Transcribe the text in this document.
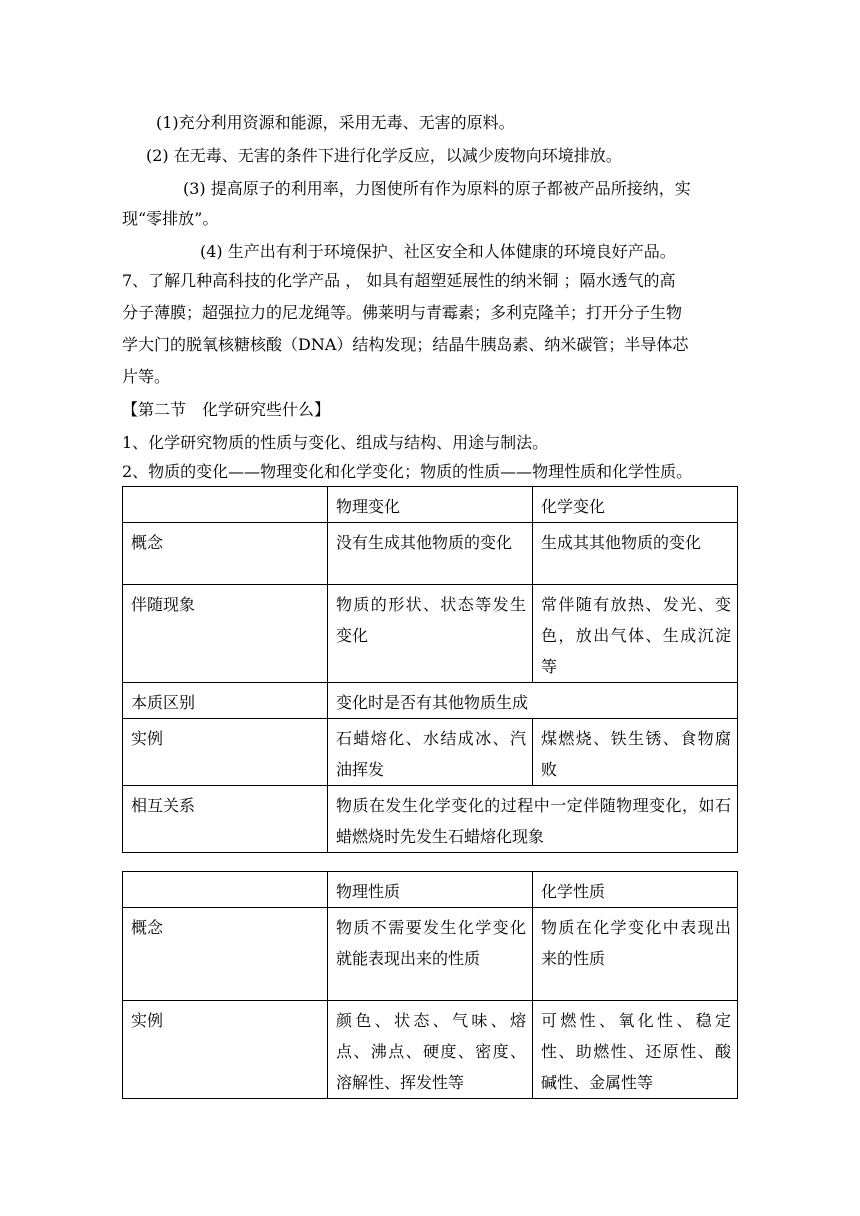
(1)充分利用资源和能源，采用无毒、无害的原料。
(2) 在无毒、无害的条件下进行化学反应，以减少废物向环境排放。
(3) 提高原子的利用率，力图使所有作为原料的原子都被产品所接纳，实
现“零排放”。
(4) 生产出有利于环境保护、社区安全和人体健康的环境良好产品。
7、了解几种高科技的化学产品 ， 如具有超塑延展性的纳米铜 ；隔水透气的高
分子薄膜；超强拉力的尼龙绳等。佛莱明与青霉素；多利克隆羊；打开分子生物
学大门的脱氧核糖核酸（DNA）结构发现；结晶牛胰岛素、纳米碳管；半导体芯
片等。
【第二节　化学研究些什么】
1、化学研究物质的性质与变化、组成与结构、用途与制法。
2、物质的变化——物理变化和化学变化；物质的性质——物理性质和化学性质。
	物理变化	化学变化
概念	没有生成其他物质的变化	生成其其他物质的变化
伴随现象	物质的形状、状态等发生变化	常伴随有放热、发光、变色，放出气体、生成沉淀等
本质区别	变化时是否有其他物质生成	
实例	石蜡熔化、水结成冰、汽油挥发	煤燃烧、铁生锈、食物腐败
相互关系	物质在发生化学变化的过程中一定伴随物理变化，如石蜡燃烧时先发生石蜡熔化现象	
	物理性质	化学性质
概念	物质不需要发生化学变化就能表现出来的性质	物质在化学变化中表现出来的性质
实例	颜色、状态、气味、熔点、沸点、硬度、密度、溶解性、挥发性等	可燃性、氧化性、稳定性、助燃性、还原性、酸碱性、金属性等
